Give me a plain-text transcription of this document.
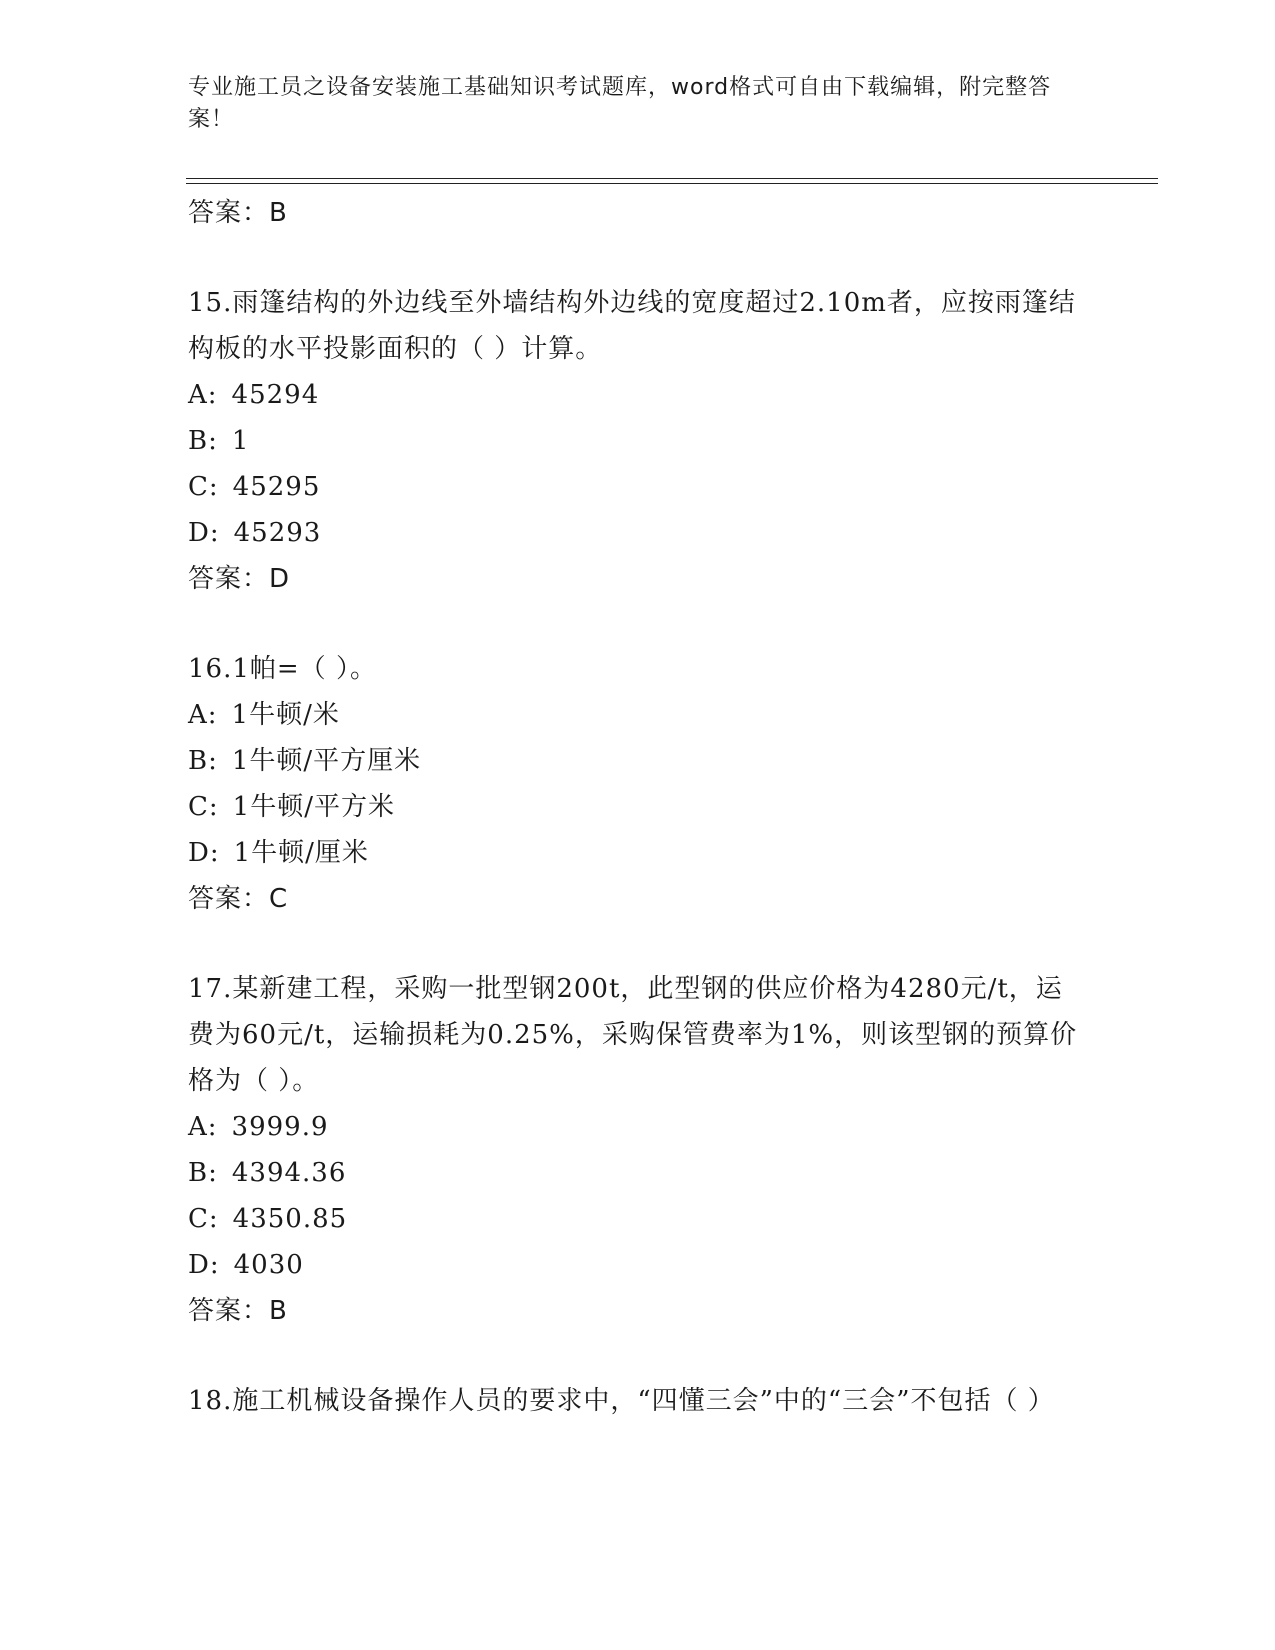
专业施工员之设备安装施工基础知识考试题库，word格式可自由下载编辑，附完整答案！
答案：B

15.雨篷结构的外边线至外墙结构外边线的宽度超过2.10m者，应按雨篷结构板的水平投影面积的（ ）计算。

A: 45294
B: 1
C: 45295
D: 45293
答案：D

16.1帕=（ ）。

A: 1牛顿/米
B: 1牛顿/平方厘米
C: 1牛顿/平方米
D: 1牛顿/厘米
答案：C

17.某新建工程，采购一批型钢200t，此型钢的供应价格为4280元/t，运费为60元/t，运输损耗为0.25%，采购保管费率为1%，则该型钢的预算价格为（ ）。

A: 3999.9
B: 4394.36
C: 4350.85
D: 4030
答案：B

18.施工机械设备操作人员的要求中，“四懂三会”中的“三会”不包括（ ）
